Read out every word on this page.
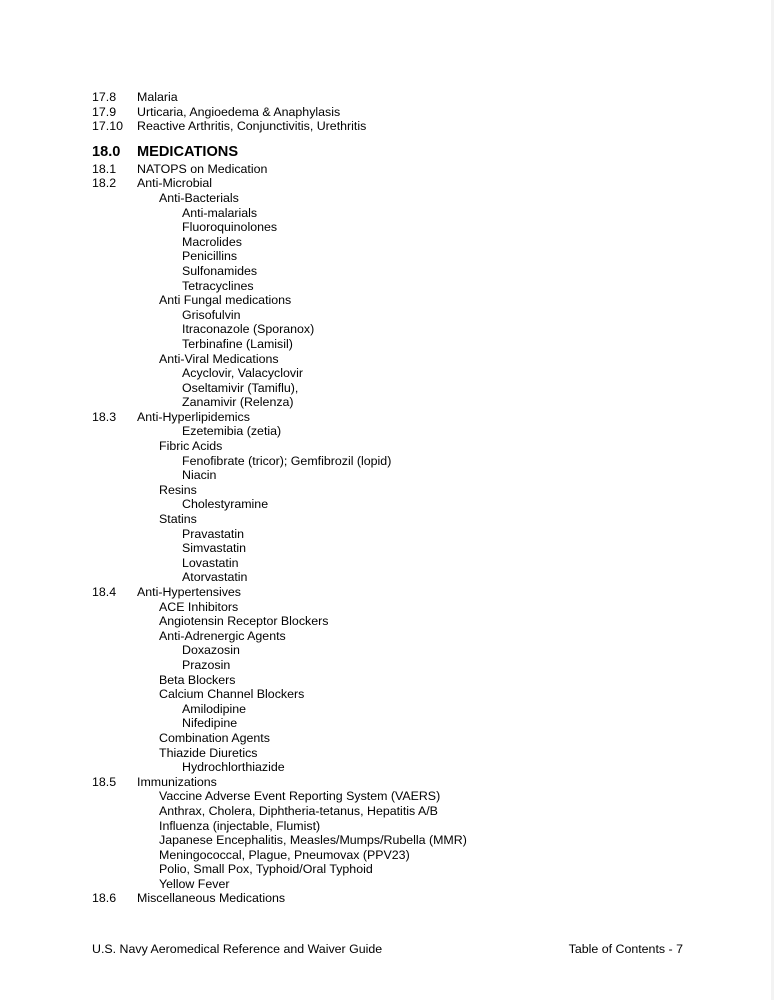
17.8 Malaria
17.9 Urticaria, Angioedema & Anaphylasis
17.10 Reactive Arthritis, Conjunctivitis, Urethritis
18.0 MEDICATIONS
18.1 NATOPS on Medication
18.2 Anti-Microbial
Anti-Bacterials
Anti-malarials
Fluoroquinolones
Macrolides
Penicillins
Sulfonamides
Tetracyclines
Anti Fungal medications
Grisofulvin
Itraconazole (Sporanox)
Terbinafine (Lamisil)
Anti-Viral Medications
Acyclovir, Valacyclovir
Oseltamivir (Tamiflu),
Zanamivir (Relenza)
18.3 Anti-Hyperlipidemics
Ezetemibia (zetia)
Fibric Acids
Fenofibrate (tricor); Gemfibrozil (lopid)
Niacin
Resins
Cholestyramine
Statins
Pravastatin
Simvastatin
Lovastatin
Atorvastatin
18.4 Anti-Hypertensives
ACE Inhibitors
Angiotensin Receptor Blockers
Anti-Adrenergic Agents
Doxazosin
Prazosin
Beta Blockers
Calcium Channel Blockers
Amilodipine
Nifedipine
Combination Agents
Thiazide Diuretics
Hydrochlorthiazide
18.5 Immunizations
Vaccine Adverse Event Reporting System (VAERS)
Anthrax, Cholera, Diphtheria-tetanus, Hepatitis A/B
Influenza (injectable, Flumist)
Japanese Encephalitis, Measles/Mumps/Rubella (MMR)
Meningococcal, Plague, Pneumovax (PPV23)
Polio, Small Pox, Typhoid/Oral Typhoid
Yellow Fever
18.6 Miscellaneous Medications
U.S. Navy Aeromedical Reference and Waiver Guide	Table of Contents - 7
